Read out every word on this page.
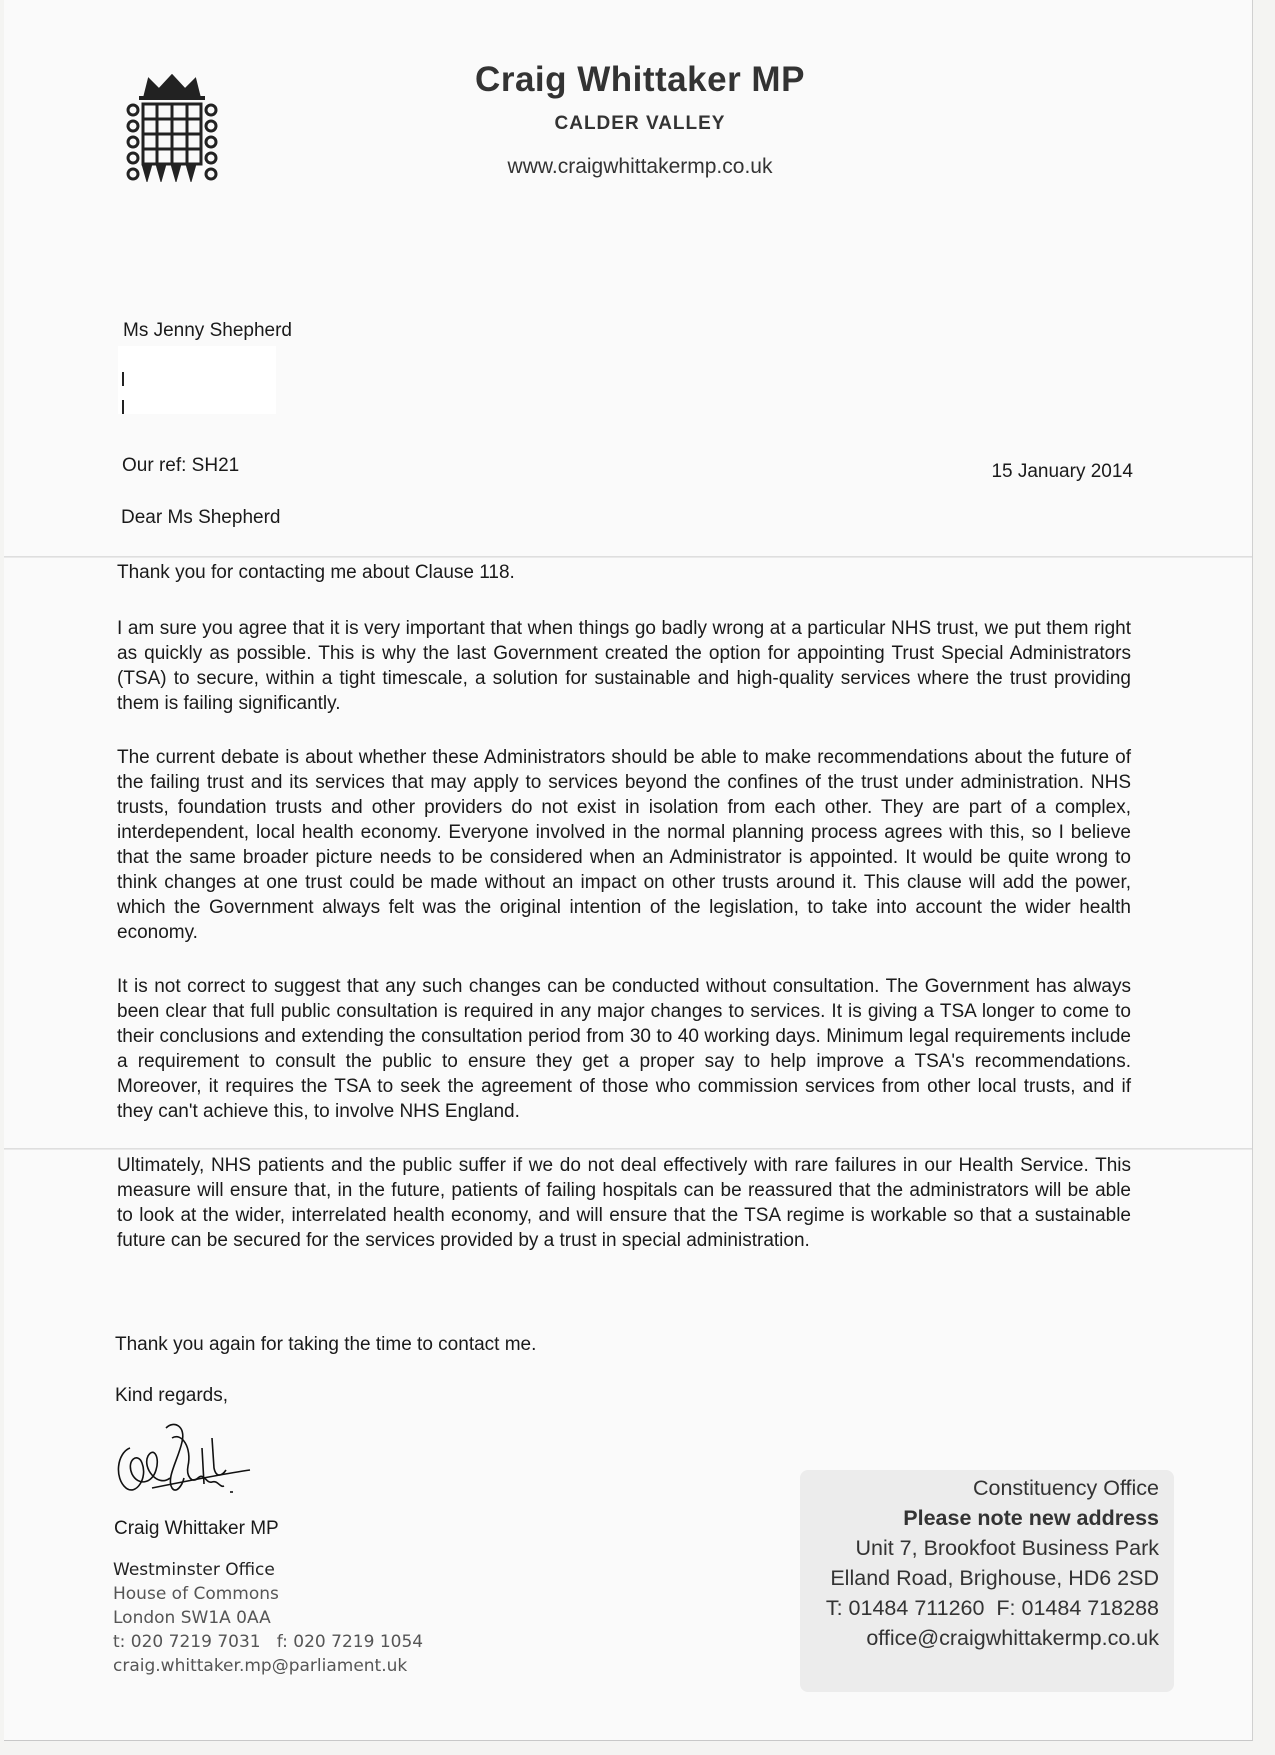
Craig Whittaker MP
CALDER VALLEY
www.craigwhittakermp.co.uk
Ms Jenny Shepherd
Our ref: SH21	15 January 2014
Dear Ms Shepherd

Thank you for contacting me about Clause 118.

I am sure you agree that it is very important that when things go badly wrong at a particular NHS trust, we put them right as quickly as possible. This is why the last Government created the option for appointing Trust Special Administrators (TSA) to secure, within a tight timescale, a solution for sustainable and high-quality services where the trust providing them is failing significantly.

The current debate is about whether these Administrators should be able to make recommendations about the future of the failing trust and its services that may apply to services beyond the confines of the trust under administration. NHS trusts, foundation trusts and other providers do not exist in isolation from each other. They are part of a complex, interdependent, local health economy. Everyone involved in the normal planning process agrees with this, so I believe that the same broader picture needs to be considered when an Administrator is appointed. It would be quite wrong to think changes at one trust could be made without an impact on other trusts around it. This clause will add the power, which the Government always felt was the original intention of the legislation, to take into account the wider health economy.

It is not correct to suggest that any such changes can be conducted without consultation. The Government has always been clear that full public consultation is required in any major changes to services. It is giving a TSA longer to come to their conclusions and extending the consultation period from 30 to 40 working days. Minimum legal requirements include a requirement to consult the public to ensure they get a proper say to help improve a TSA's recommendations. Moreover, it requires the TSA to seek the agreement of those who commission services from other local trusts, and if they can't achieve this, to involve NHS England.

Ultimately, NHS patients and the public suffer if we do not deal effectively with rare failures in our Health Service. This measure will ensure that, in the future, patients of failing hospitals can be reassured that the administrators will be able to look at the wider, interrelated health economy, and will ensure that the TSA regime is workable so that a sustainable future can be secured for the services provided by a trust in special administration.

Thank you again for taking the time to contact me.
Kind regards,
Craig Whittaker MP
Westminster Office
House of Commons
London SW1A 0AA
t: 020 7219 7031   f: 020 7219 1054
craig.whittaker.mp@parliament.uk
Constituency Office
Please note new address
Unit 7, Brookfoot Business Park
Elland Road, Brighouse, HD6 2SD
T: 01484 711260  F: 01484 718288
office@craigwhittakermp.co.uk
